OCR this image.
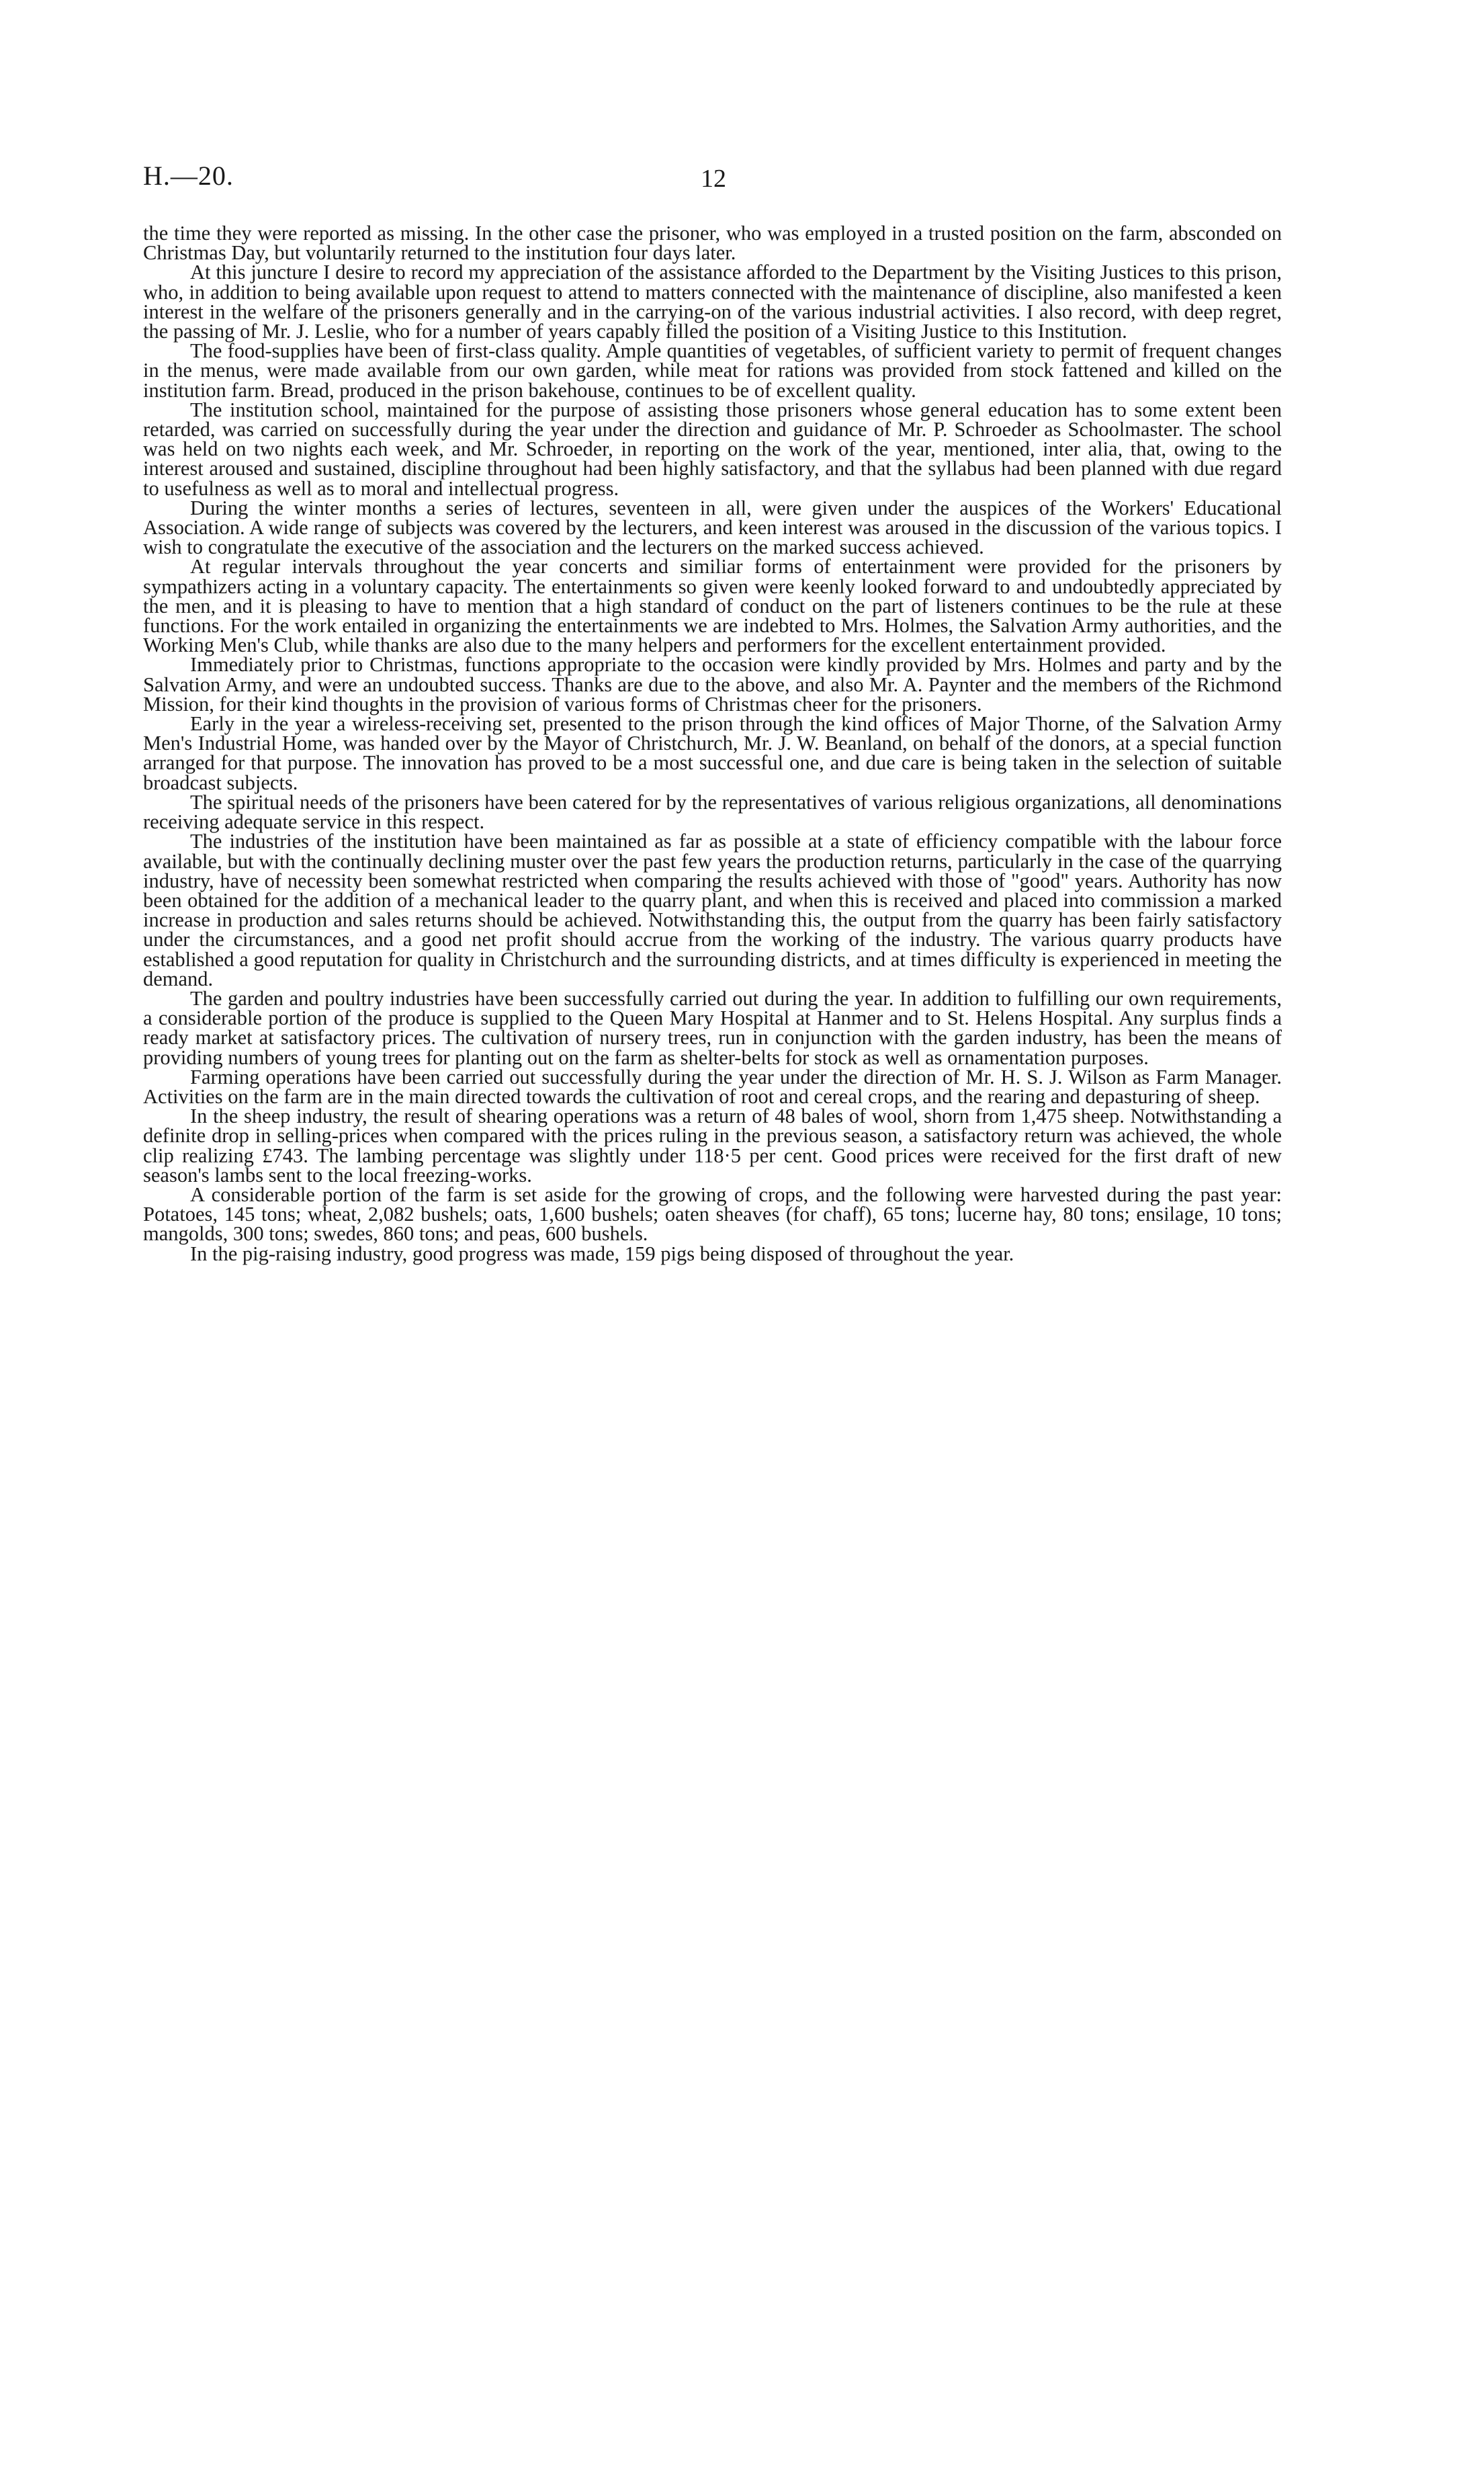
H.—20.	12

the time they were reported as missing. In the other case the prisoner, who was employed in a trusted position on the farm, absconded on Christmas Day, but voluntarily returned to the institution four days later.

At this juncture I desire to record my appreciation of the assistance afforded to the Department by the Visiting Justices to this prison, who, in addition to being available upon request to attend to matters connected with the maintenance of discipline, also manifested a keen interest in the welfare of the prisoners generally and in the carrying-on of the various industrial activities. I also record, with deep regret, the passing of Mr. J. Leslie, who for a number of years capably filled the position of a Visiting Justice to this Institution.

The food-supplies have been of first-class quality. Ample quantities of vegetables, of sufficient variety to permit of frequent changes in the menus, were made available from our own garden, while meat for rations was provided from stock fattened and killed on the institution farm. Bread, produced in the prison bakehouse, continues to be of excellent quality.

The institution school, maintained for the purpose of assisting those prisoners whose general education has to some extent been retarded, was carried on successfully during the year under the direction and guidance of Mr. P. Schroeder as Schoolmaster. The school was held on two nights each week, and Mr. Schroeder, in reporting on the work of the year, mentioned, inter alia, that, owing to the interest aroused and sustained, discipline throughout had been highly satisfactory, and that the syllabus had been planned with due regard to usefulness as well as to moral and intellectual progress.

During the winter months a series of lectures, seventeen in all, were given under the auspices of the Workers' Educational Association. A wide range of subjects was covered by the lecturers, and keen interest was aroused in the discussion of the various topics. I wish to congratulate the executive of the association and the lecturers on the marked success achieved.

At regular intervals throughout the year concerts and similiar forms of entertainment were provided for the prisoners by sympathizers acting in a voluntary capacity. The entertainments so given were keenly looked forward to and undoubtedly appreciated by the men, and it is pleasing to have to mention that a high standard of conduct on the part of listeners continues to be the rule at these functions. For the work entailed in organizing the entertainments we are indebted to Mrs. Holmes, the Salvation Army authorities, and the Working Men's Club, while thanks are also due to the many helpers and performers for the excellent entertainment provided.

Immediately prior to Christmas, functions appropriate to the occasion were kindly provided by Mrs. Holmes and party and by the Salvation Army, and were an undoubted success. Thanks are due to the above, and also Mr. A. Paynter and the members of the Richmond Mission, for their kind thoughts in the provision of various forms of Christmas cheer for the prisoners.

Early in the year a wireless-receiving set, presented to the prison through the kind offices of Major Thorne, of the Salvation Army Men's Industrial Home, was handed over by the Mayor of Christchurch, Mr. J. W. Beanland, on behalf of the donors, at a special function arranged for that purpose. The innovation has proved to be a most successful one, and due care is being taken in the selection of suitable broadcast subjects.

The spiritual needs of the prisoners have been catered for by the representatives of various religious organizations, all denominations receiving adequate service in this respect.

The industries of the institution have been maintained as far as possible at a state of efficiency compatible with the labour force available, but with the continually declining muster over the past few years the production returns, particularly in the case of the quarrying industry, have of necessity been somewhat restricted when comparing the results achieved with those of "good" years. Authority has now been obtained for the addition of a mechanical leader to the quarry plant, and when this is received and placed into commission a marked increase in production and sales returns should be achieved. Notwithstanding this, the output from the quarry has been fairly satisfactory under the circumstances, and a good net profit should accrue from the working of the industry. The various quarry products have established a good reputation for quality in Christchurch and the surrounding districts, and at times difficulty is experienced in meeting the demand.

The garden and poultry industries have been successfully carried out during the year. In addition to fulfilling our own requirements, a considerable portion of the produce is supplied to the Queen Mary Hospital at Hanmer and to St. Helens Hospital. Any surplus finds a ready market at satisfactory prices. The cultivation of nursery trees, run in conjunction with the garden industry, has been the means of providing numbers of young trees for planting out on the farm as shelter-belts for stock as well as ornamentation purposes.

Farming operations have been carried out successfully during the year under the direction of Mr. H. S. J. Wilson as Farm Manager. Activities on the farm are in the main directed towards the cultivation of root and cereal crops, and the rearing and depasturing of sheep.

In the sheep industry, the result of shearing operations was a return of 48 bales of wool, shorn from 1,475 sheep. Notwithstanding a definite drop in selling-prices when compared with the prices ruling in the previous season, a satisfactory return was achieved, the whole clip realizing £743. The lambing percentage was slightly under 118·5 per cent. Good prices were received for the first draft of new season's lambs sent to the local freezing-works.

A considerable portion of the farm is set aside for the growing of crops, and the following were harvested during the past year: Potatoes, 145 tons; wheat, 2,082 bushels; oats, 1,600 bushels; oaten sheaves (for chaff), 65 tons; lucerne hay, 80 tons; ensilage, 10 tons; mangolds, 300 tons; swedes, 860 tons; and peas, 600 bushels.

In the pig-raising industry, good progress was made, 159 pigs being disposed of throughout the year.
